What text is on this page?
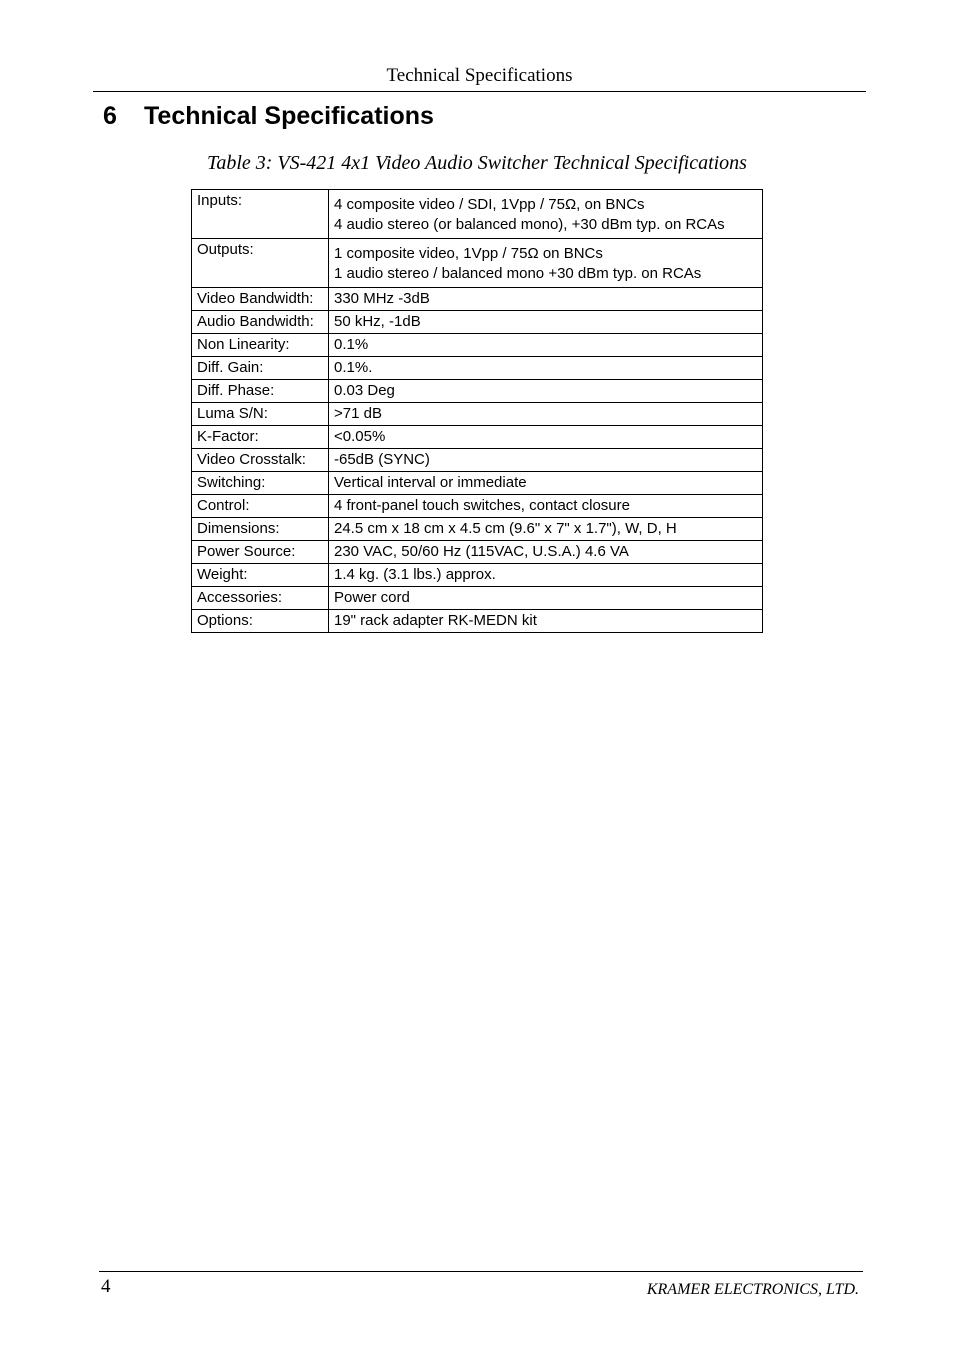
Technical Specifications
6 Technical Specifications
Table 3: VS-421 4x1 Video Audio Switcher Technical Specifications
Inputs:	4 composite video / SDI, 1Vpp / 75Ω, on BNCs
4 audio stereo (or balanced mono), +30 dBm typ. on RCAs

Outputs:	1 composite video, 1Vpp / 75Ω on BNCs
1 audio stereo / balanced mono +30 dBm typ. on RCAs

Video Bandwidth:	330 MHz -3dB

Audio Bandwidth:	50 kHz, -1dB

Non Linearity:	0.1%

Diff. Gain:	0.1%.

Diff. Phase:	0.03 Deg

Luma S/N:	>71 dB

K-Factor:	<0.05%

Video Crosstalk:	-65dB (SYNC)

Switching:	Vertical interval or immediate

Control:	4 front-panel touch switches, contact closure

Dimensions:	24.5 cm x 18 cm x 4.5 cm (9.6" x 7" x 1.7"), W, D, H

Power Source:	230 VAC, 50/60 Hz (115VAC, U.S.A.) 4.6 VA

Weight:	1.4 kg. (3.1 lbs.) approx.

Accessories:	Power cord

Options:	19" rack adapter RK-MEDN kit
4	KRAMER ELECTRONICS, LTD.
